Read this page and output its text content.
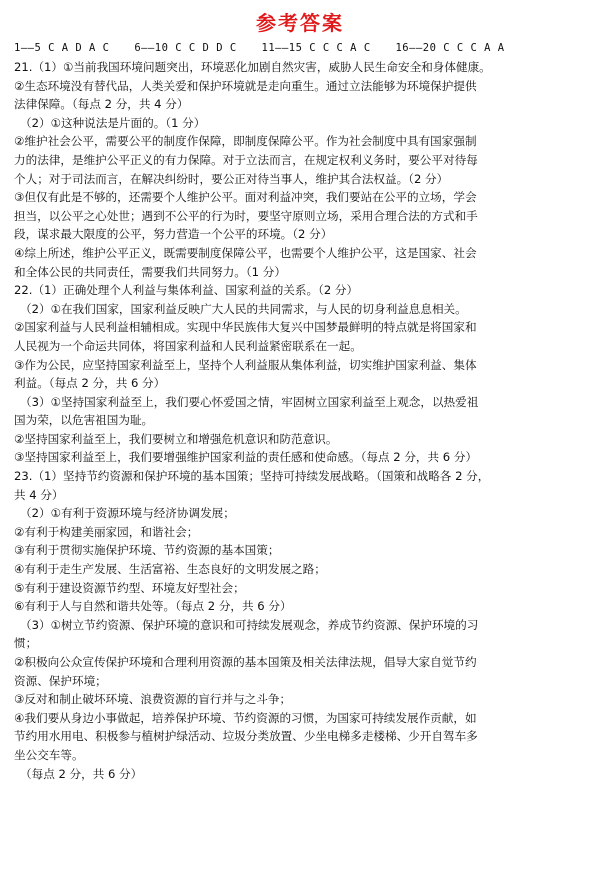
参考答案
1——5 C A D A C 6——10 C C D D C 11——15 C C C A C 16——20 C C C A A

21.（1）①当前我国环境问题突出，环境恶化加剧自然灾害，威胁人民生命安全和身体健康。

②生态环境没有替代品，人类关爱和保护环境就是走向重生。通过立法能够为环境保护提供

法律保障。（每点 2 分，共 4 分）

（2）①这种说法是片面的。（1 分）

②维护社会公平，需要公平的制度作保障，即制度保障公平。作为社会制度中具有国家强制

力的法律，是维护公平正义的有力保障。对于立法而言，在规定权利义务时，要公平对待每

个人；对于司法而言，在解决纠纷时，要公正对待当事人，维护其合法权益。（2 分）

③但仅有此是不够的，还需要个人维护公平。面对利益冲突，我们要站在公平的立场，学会

担当，以公平之心处世；遇到不公平的行为时，要坚守原则立场，采用合理合法的方式和手

段，谋求最大限度的公平，努力营造一个公平的环境。（2 分）

④综上所述，维护公平正义，既需要制度保障公平，也需要个人维护公平，这是国家、社会

和全体公民的共同责任，需要我们共同努力。（1 分）

22.（1）正确处理个人利益与集体利益、国家利益的关系。（2 分）

（2）①在我们国家，国家利益反映广大人民的共同需求，与人民的切身利益息息相关。

②国家利益与人民利益相辅相成。实现中华民族伟大复兴中国梦最鲜明的特点就是将国家和

人民视为一个命运共同体，将国家利益和人民利益紧密联系在一起。

③作为公民，应坚持国家利益至上，坚持个人利益服从集体利益，切实维护国家利益、集体

利益。（每点 2 分，共 6 分）

（3）①坚持国家利益至上，我们要心怀爱国之情，牢固树立国家利益至上观念，以热爱祖

国为荣，以危害祖国为耻。

②坚持国家利益至上，我们要树立和增强危机意识和防范意识。

③坚持国家利益至上，我们要增强维护国家利益的责任感和使命感。（每点 2 分，共 6 分）

23.（1）坚持节约资源和保护环境的基本国策；坚持可持续发展战略。（国策和战略各 2 分，

共 4 分）

（2）①有利于资源环境与经济协调发展；

②有利于构建美丽家园，和谐社会；

③有利于贯彻实施保护环境、节约资源的基本国策；

④有利于走生产发展、生活富裕、生态良好的文明发展之路；

⑤有利于建设资源节约型、环境友好型社会；

⑥有利于人与自然和谐共处等。（每点 2 分，共 6 分）

（3）①树立节约资源、保护环境的意识和可持续发展观念，养成节约资源、保护环境的习

惯；

②积极向公众宣传保护环境和合理利用资源的基本国策及相关法律法规，倡导大家自觉节约

资源、保护环境；

③反对和制止破坏环境、浪费资源的盲行并与之斗争；

④我们要从身边小事做起，培养保护环境、节约资源的习惯，为国家可持续发展作贡献，如

节约用水用电、积极参与植树护绿活动、垃圾分类放置、少坐电梯多走楼梯、少开自驾车多

坐公交车等。

（每点 2 分，共 6 分）
